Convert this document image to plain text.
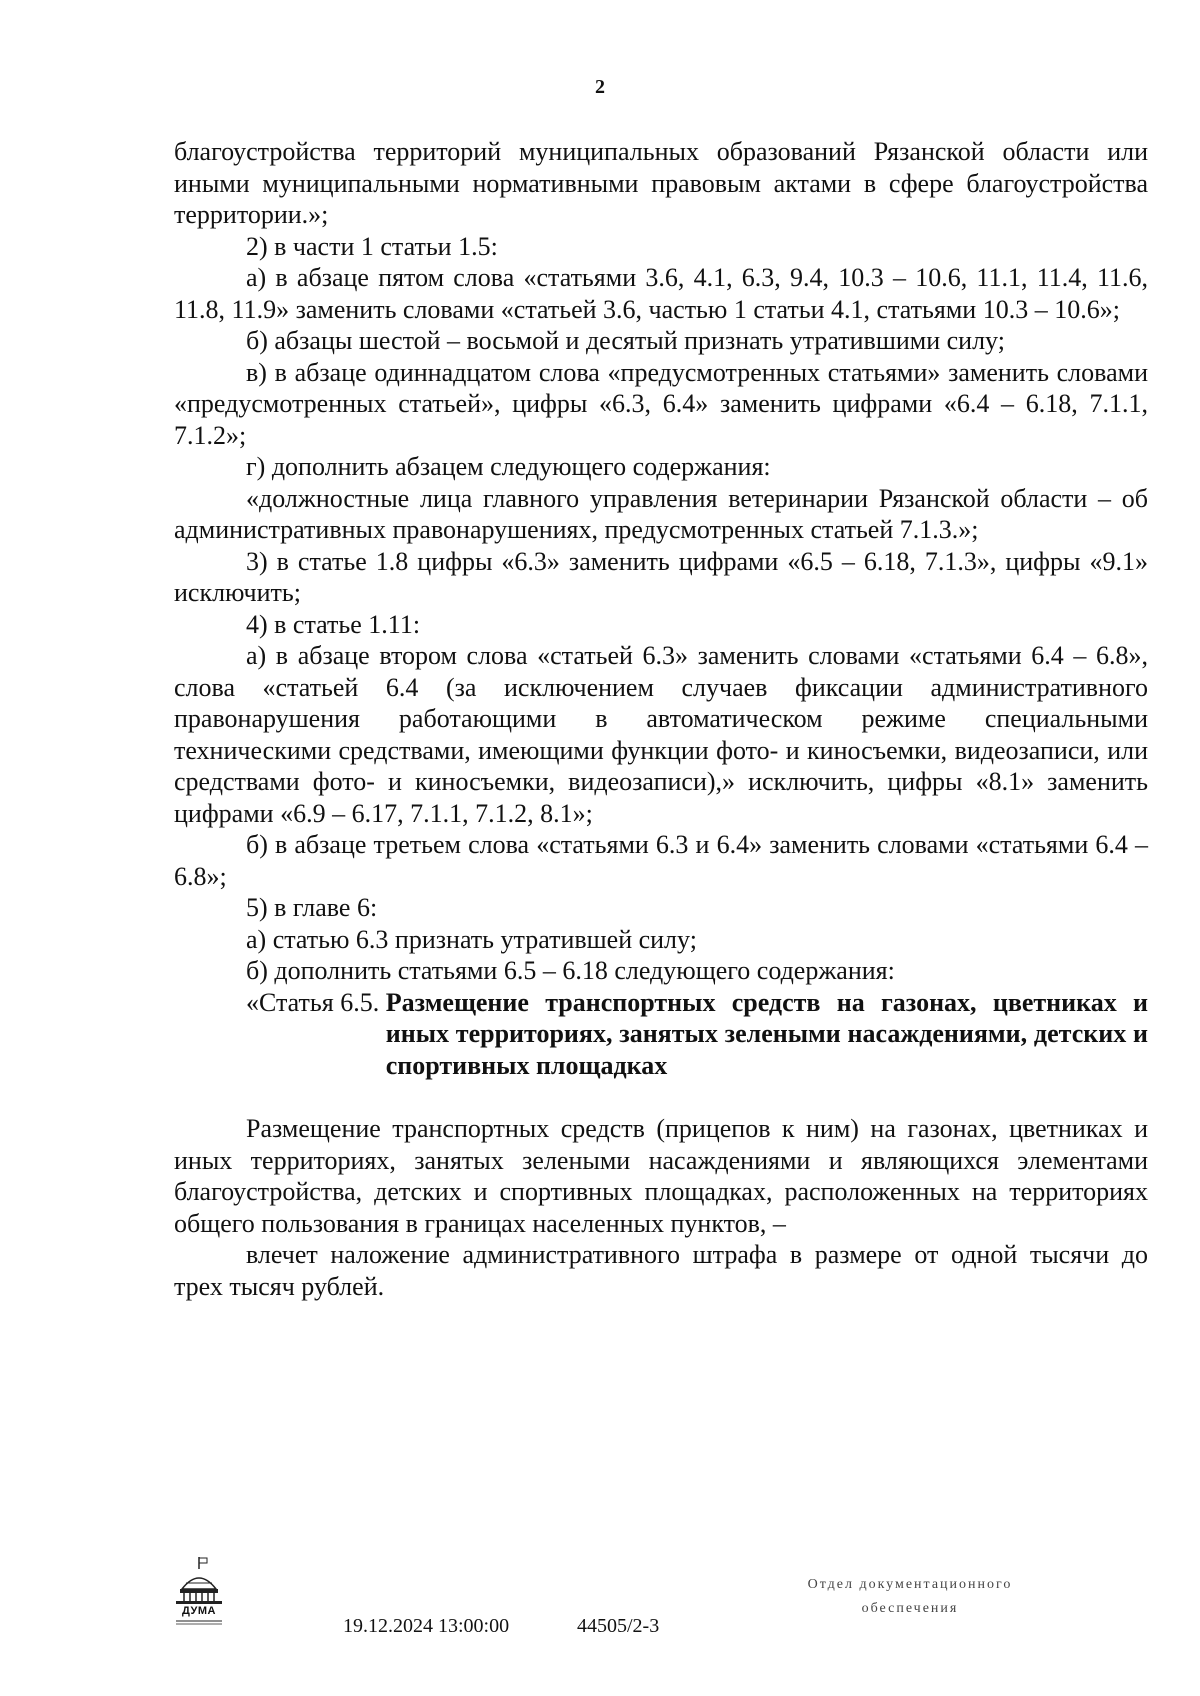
2

благоустройства территорий муниципальных образований Рязанской области или иными муниципальными нормативными правовым актами в сфере благоустройства территории.»;

2) в части 1 статьи 1.5:

а) в абзаце пятом слова «статьями 3.6, 4.1, 6.3, 9.4, 10.3 – 10.6, 11.1, 11.4, 11.6, 11.8, 11.9» заменить словами «статьей 3.6, частью 1 статьи 4.1, статьями 10.3 – 10.6»;

б) абзацы шестой – восьмой и десятый признать утратившими силу;

в) в абзаце одиннадцатом слова «предусмотренных статьями» заменить словами «предусмотренных статьей», цифры «6.3, 6.4» заменить цифрами «6.4 – 6.18, 7.1.1, 7.1.2»;

г) дополнить абзацем следующего содержания:

«должностные лица главного управления ветеринарии Рязанской области – об административных правонарушениях, предусмотренных статьей 7.1.3.»;

3) в статье 1.8 цифры «6.3» заменить цифрами «6.5 – 6.18, 7.1.3», цифры «9.1» исключить;

4) в статье 1.11:

а) в абзаце втором слова «статьей 6.3» заменить словами «статьями 6.4 – 6.8», слова «статьей 6.4 (за исключением случаев фиксации административного правонарушения работающими в автоматическом режиме специальными техническими средствами, имеющими функции фото- и киносъемки, видеозаписи, или средствами фото- и киносъемки, видеозаписи),» исключить, цифры «8.1» заменить цифрами «6.9 – 6.17, 7.1.1, 7.1.2, 8.1»;

б) в абзаце третьем слова «статьями 6.3 и 6.4» заменить словами «статьями 6.4 – 6.8»;

5) в главе 6:

а) статью 6.3 признать утратившей силу;

б) дополнить статьями 6.5 – 6.18 следующего содержания:

«Статья 6.5. Размещение транспортных средств на газонах, цветниках и иных территориях, занятых зелеными насаждениями, детских и спортивных площадках

Размещение транспортных средств (прицепов к ним) на газонах, цветниках и иных территориях, занятых зелеными насаждениями и являющихся элементами благоустройства, детских и спортивных площадках, расположенных на территориях общего пользования в границах населенных пунктов, –

влечет наложение административного штрафа в размере от одной тысячи до трех тысяч рублей.

ДУМА
19.12.2024 13:00:00	44505/2-3
Отдел документационного
обеспечения
